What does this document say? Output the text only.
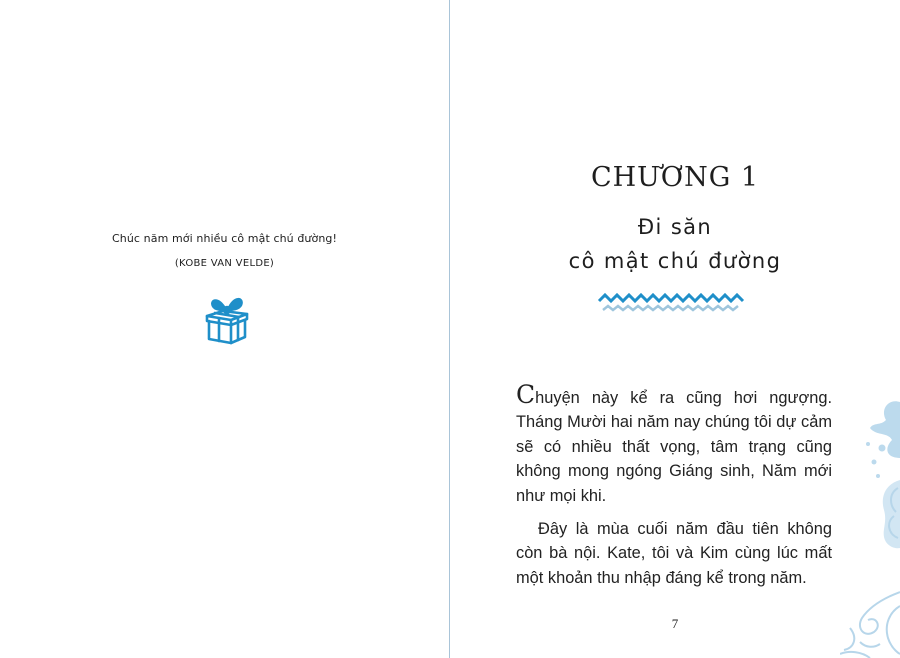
Chúc năm mới nhiều cô mật chú đường!
(KOBE VAN VELDE)
CHƯƠNG 1
Đi săn
cô mật chú đường

Chuyện này kể ra cũng hơi ngượng. Tháng Mười hai năm nay chúng tôi dự cảm sẽ có nhiều thất vọng, tâm trạng cũng không mong ngóng Giáng sinh, Năm mới như mọi khi.

Đây là mùa cuối năm đầu tiên không còn bà nội. Kate, tôi và Kim cùng lúc mất một khoản thu nhập đáng kể trong năm.

7
